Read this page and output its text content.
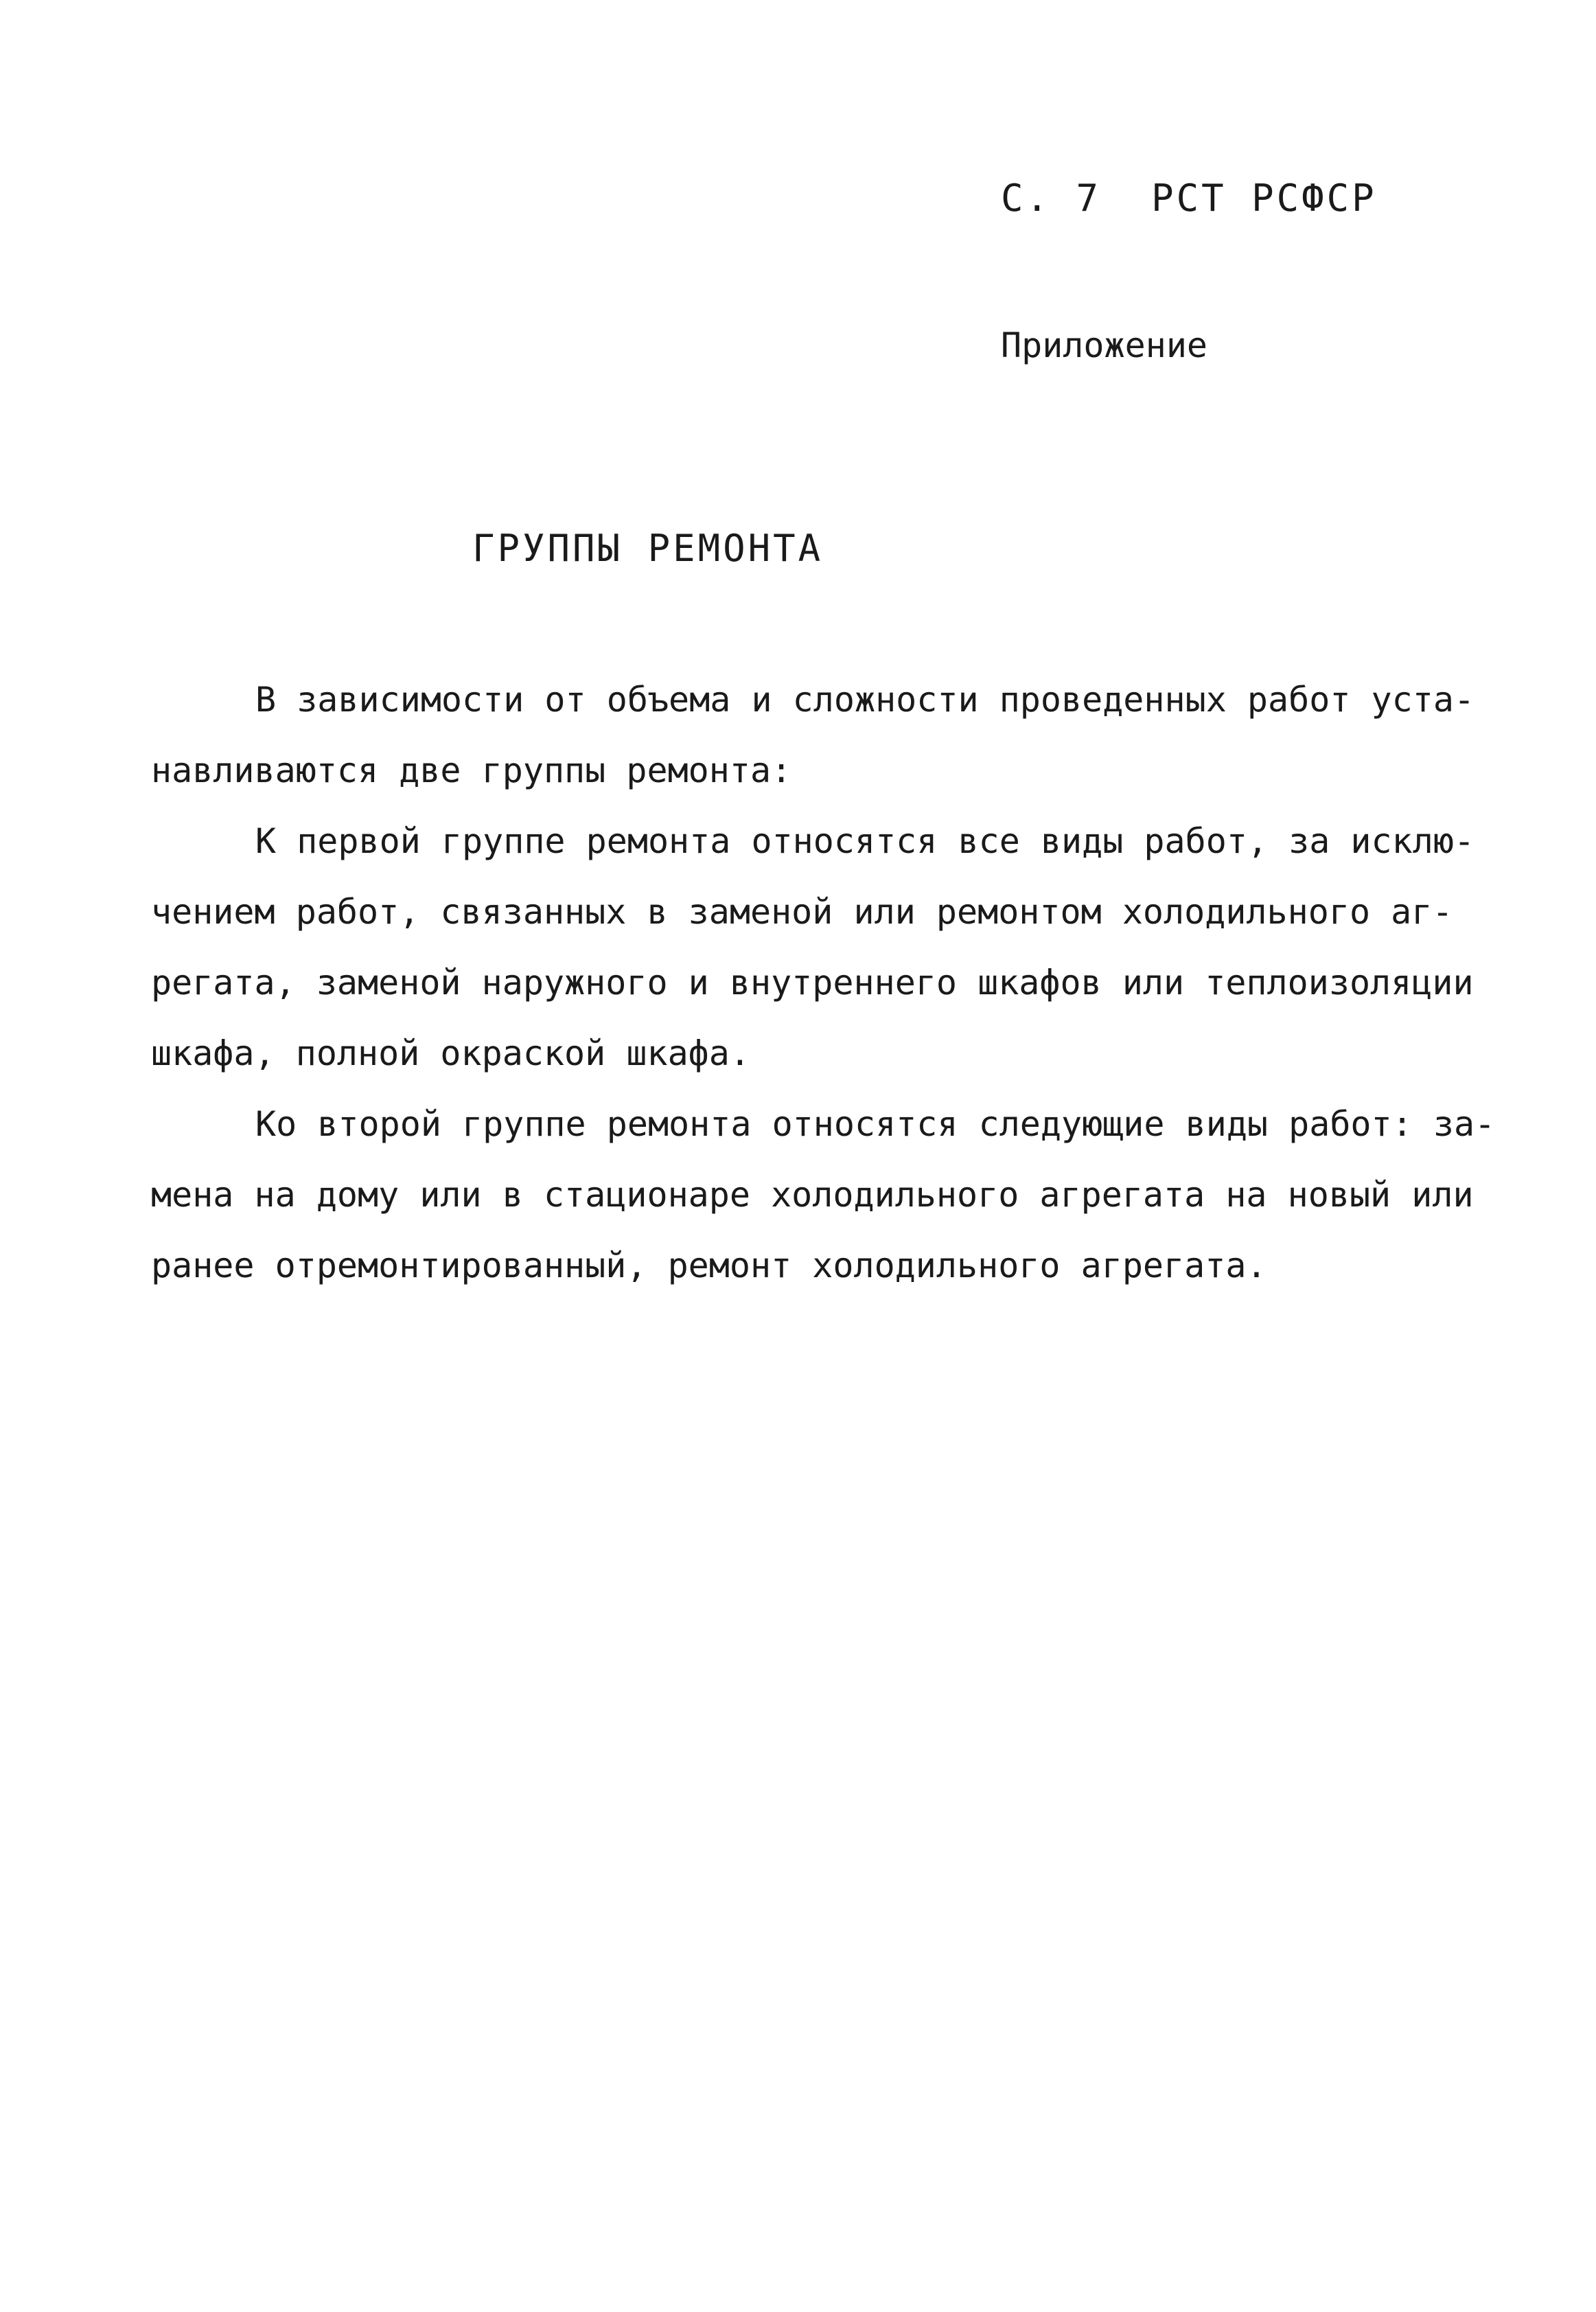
С. 7  РСТ РСФСР
Приложение
ГРУППЫ РЕМОНТА

В зависимости от объема и сложности проведенных работ уста-
навливаются две группы ремонта:

К первой группе ремонта относятся все виды работ, за исклю-
чением работ, связанных в заменой или ремонтом холодильного аг-
регата, заменой наружного и внутреннего шкафов или теплоизоляции
шкафа, полной окраской шкафа.

Ко второй группе ремонта относятся следующие виды работ: за-
мена на дому или в стационаре холодильного агрегата на новый или
ранее отремонтированный, ремонт холодильного агрегата.
